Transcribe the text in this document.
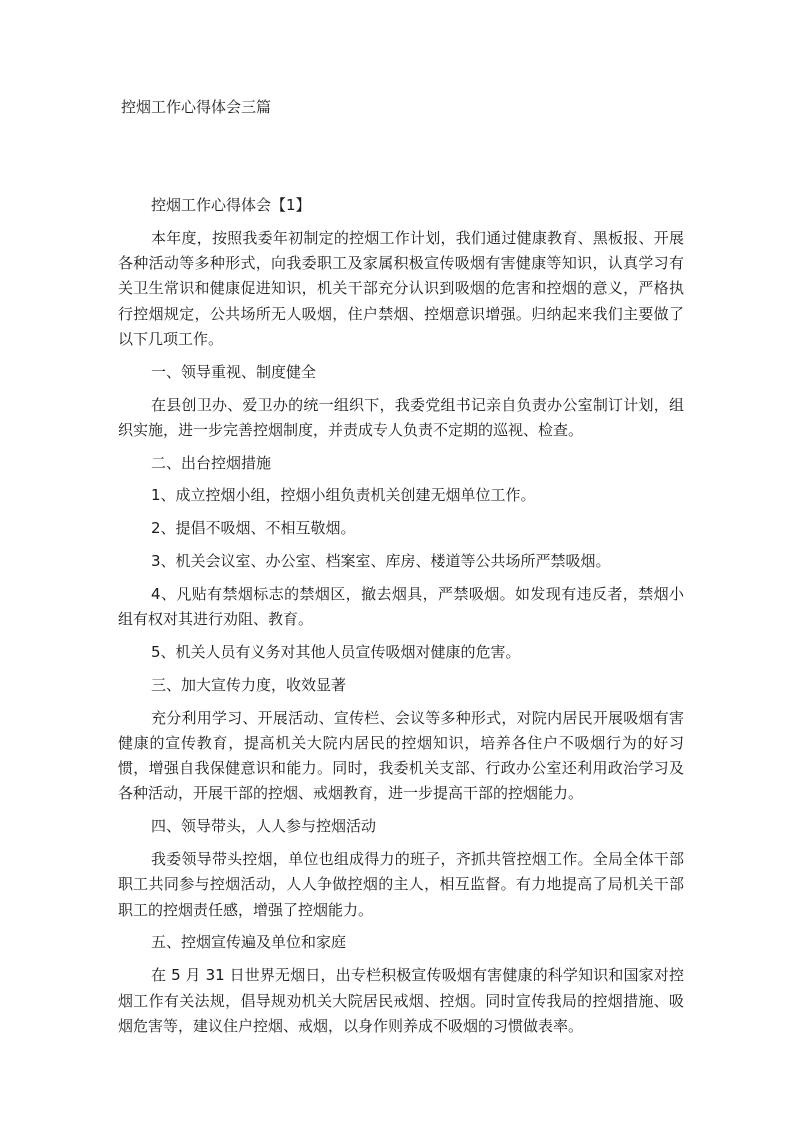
控烟工作心得体会三篇

控烟工作心得体会【1】

本年度，按照我委年初制定的控烟工作计划，我们通过健康教育、黑板报、开展各种活动等多种形式，向我委职工及家属积极宣传吸烟有害健康等知识，认真学习有关卫生常识和健康促进知识，机关干部充分认识到吸烟的危害和控烟的意义，严格执行控烟规定，公共场所无人吸烟，住户禁烟、控烟意识增强。归纳起来我们主要做了以下几项工作。

一、领导重视、制度健全

在县创卫办、爱卫办的统一组织下，我委党组书记亲自负责办公室制订计划，组织实施，进一步完善控烟制度，并责成专人负责不定期的巡视、检查。

二、出台控烟措施

1、成立控烟小组，控烟小组负责机关创建无烟单位工作。

2、提倡不吸烟、不相互敬烟。

3、机关会议室、办公室、档案室、库房、楼道等公共场所严禁吸烟。

4、凡贴有禁烟标志的禁烟区，撤去烟具，严禁吸烟。如发现有违反者，禁烟小组有权对其进行劝阻、教育。

5、机关人员有义务对其他人员宣传吸烟对健康的危害。

三、加大宣传力度，收效显著

充分利用学习、开展活动、宣传栏、会议等多种形式，对院内居民开展吸烟有害健康的宣传教育，提高机关大院内居民的控烟知识，培养各住户不吸烟行为的好习惯，增强自我保健意识和能力。同时，我委机关支部、行政办公室还利用政治学习及各种活动，开展干部的控烟、戒烟教育，进一步提高干部的控烟能力。

四、领导带头，人人参与控烟活动

我委领导带头控烟，单位也组成得力的班子，齐抓共管控烟工作。全局全体干部职工共同参与控烟活动，人人争做控烟的主人，相互监督。有力地提高了局机关干部职工的控烟责任感，增强了控烟能力。

五、控烟宣传遍及单位和家庭

在 5 月 31 日世界无烟日，出专栏积极宣传吸烟有害健康的科学知识和国家对控烟工作有关法规，倡导规劝机关大院居民戒烟、控烟。同时宣传我局的控烟措施、吸烟危害等，建议住户控烟、戒烟，以身作则养成不吸烟的习惯做表率。
